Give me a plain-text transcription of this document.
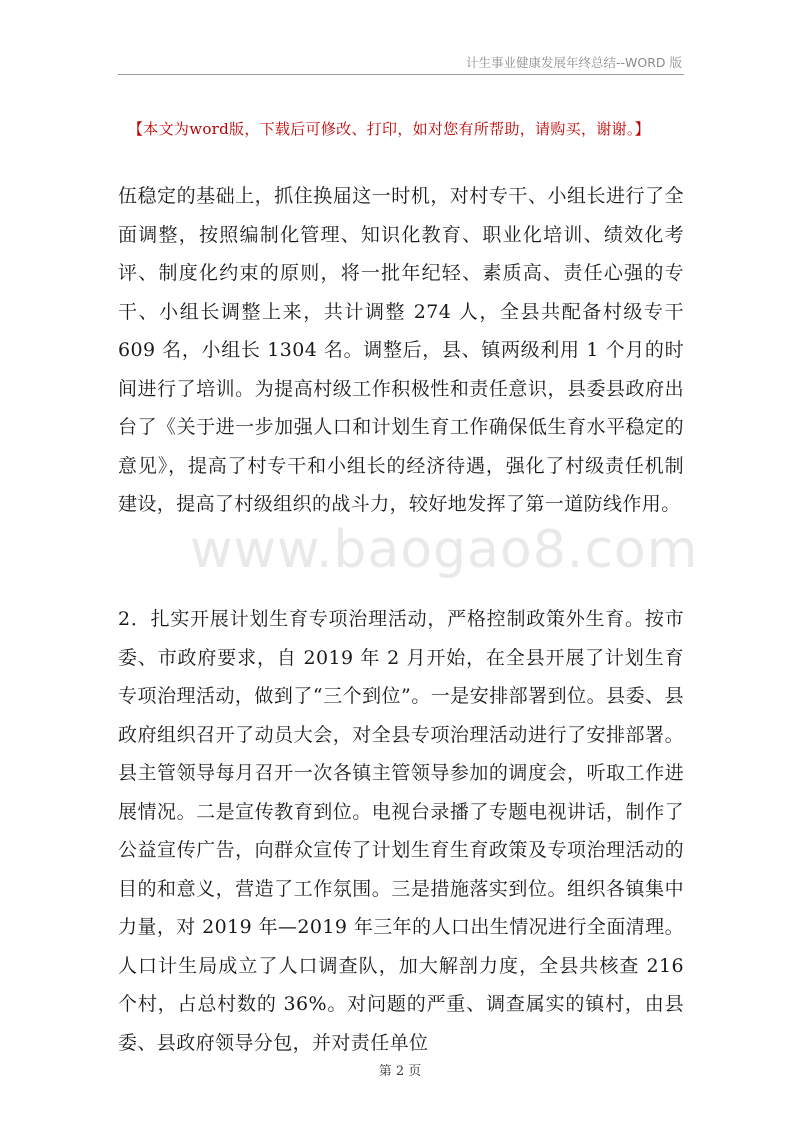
计生事业健康发展年终总结--WORD 版
【本文为word版，下载后可修改、打印，如对您有所帮助，请购买，谢谢。】
www.baogao8.com

伍稳定的基础上，抓住换届这一时机，对村专干、小组长进行了全面调整，按照编制化管理、知识化教育、职业化培训、绩效化考评、制度化约束的原则，将一批年纪轻、素质高、责任心强的专干、小组长调整上来，共计调整 274 人，全县共配备村级专干 609 名，小组长 1304 名。调整后，县、镇两级利用 1 个月的时间进行了培训。为提高村级工作积极性和责任意识，县委县政府出台了《关于进一步加强人口和计划生育工作确保低生育水平稳定的意见》，提高了村专干和小组长的经济待遇，强化了村级责任机制建设，提高了村级组织的战斗力，较好地发挥了第一道防线作用。

2．扎实开展计划生育专项治理活动，严格控制政策外生育。按市委、市政府要求，自 2019 年 2 月开始，在全县开展了计划生育专项治理活动，做到了“三个到位”。一是安排部署到位。县委、县政府组织召开了动员大会，对全县专项治理活动进行了安排部署。县主管领导每月召开一次各镇主管领导参加的调度会，听取工作进展情况。二是宣传教育到位。电视台录播了专题电视讲话，制作了公益宣传广告，向群众宣传了计划生育生育政策及专项治理活动的目的和意义，营造了工作氛围。三是措施落实到位。组织各镇集中力量，对 2019 年—2019 年三年的人口出生情况进行全面清理。人口计生局成立了人口调查队，加大解剖力度，全县共核查 216 个村，占总村数的 36%。对问题的严重、调查属实的镇村，由县委、县政府领导分包，并对责任单位

第 2 页
